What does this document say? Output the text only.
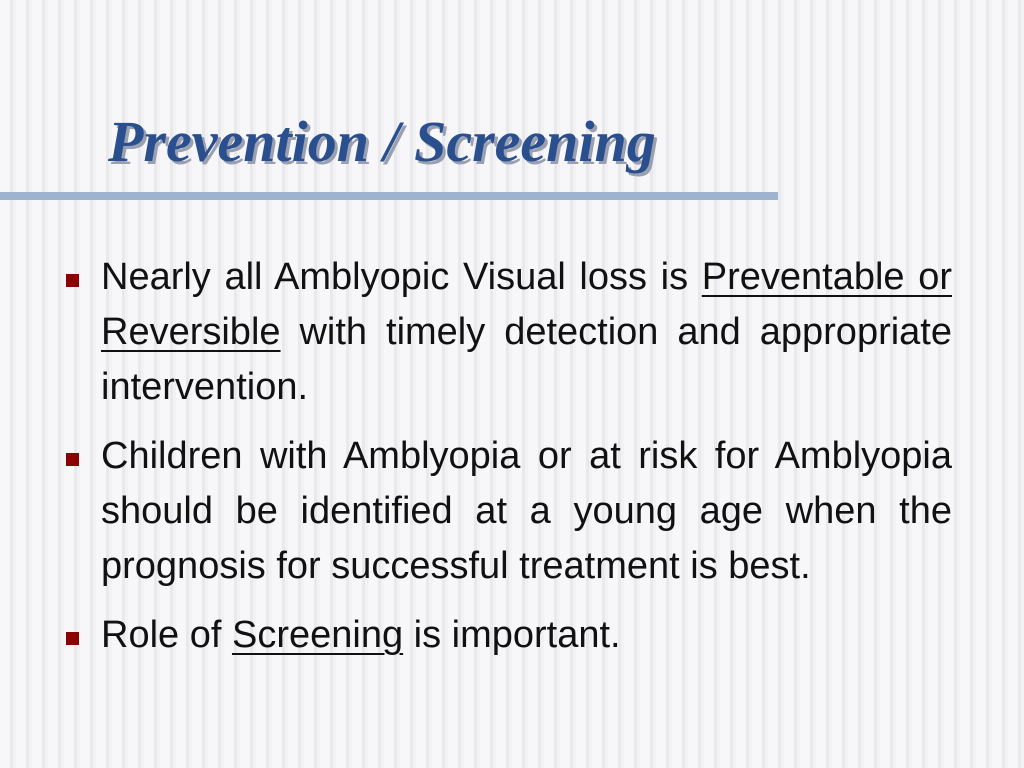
Prevention / Screening
Nearly all Amblyopic Visual loss is Preventable or Reversible with timely detection and appropriate intervention.
Children with Amblyopia or at risk for Amblyopia should be identified at a young age when the prognosis for successful treatment is best.
Role of Screening is important.
